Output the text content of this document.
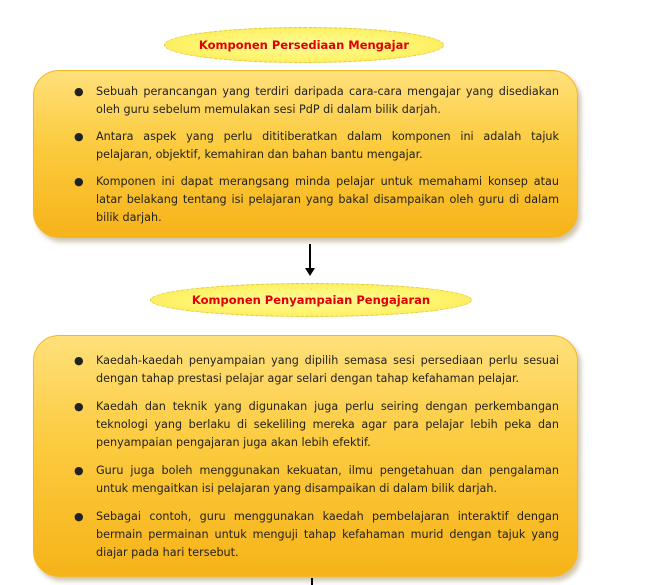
Komponen Persediaan Mengajar
● Sebuah perancangan yang terdiri daripada cara-cara mengajar yang disediakan oleh guru sebelum memulakan sesi PdP di dalam bilik darjah.
● Antara aspek yang perlu dititiberatkan dalam komponen ini adalah tajuk pelajaran, objektif, kemahiran dan bahan bantu mengajar.
● Komponen ini dapat merangsang minda pelajar untuk memahami konsep atau latar belakang tentang isi pelajaran yang bakal disampaikan oleh guru di dalam bilik darjah.
Komponen Penyampaian Pengajaran
● Kaedah-kaedah penyampaian yang dipilih semasa sesi persediaan perlu sesuai dengan tahap prestasi pelajar agar selari dengan tahap kefahaman pelajar.
● Kaedah dan teknik yang digunakan juga perlu seiring dengan perkembangan teknologi yang berlaku di sekeliling mereka agar para pelajar lebih peka dan penyampaian pengajaran juga akan lebih efektif.
● Guru juga boleh menggunakan kekuatan, ilmu pengetahuan dan pengalaman untuk mengaitkan isi pelajaran yang disampaikan di dalam bilik darjah.
● Sebagai contoh, guru menggunakan kaedah pembelajaran interaktif dengan bermain permainan untuk menguji tahap kefahaman murid dengan tajuk yang diajar pada hari tersebut.
